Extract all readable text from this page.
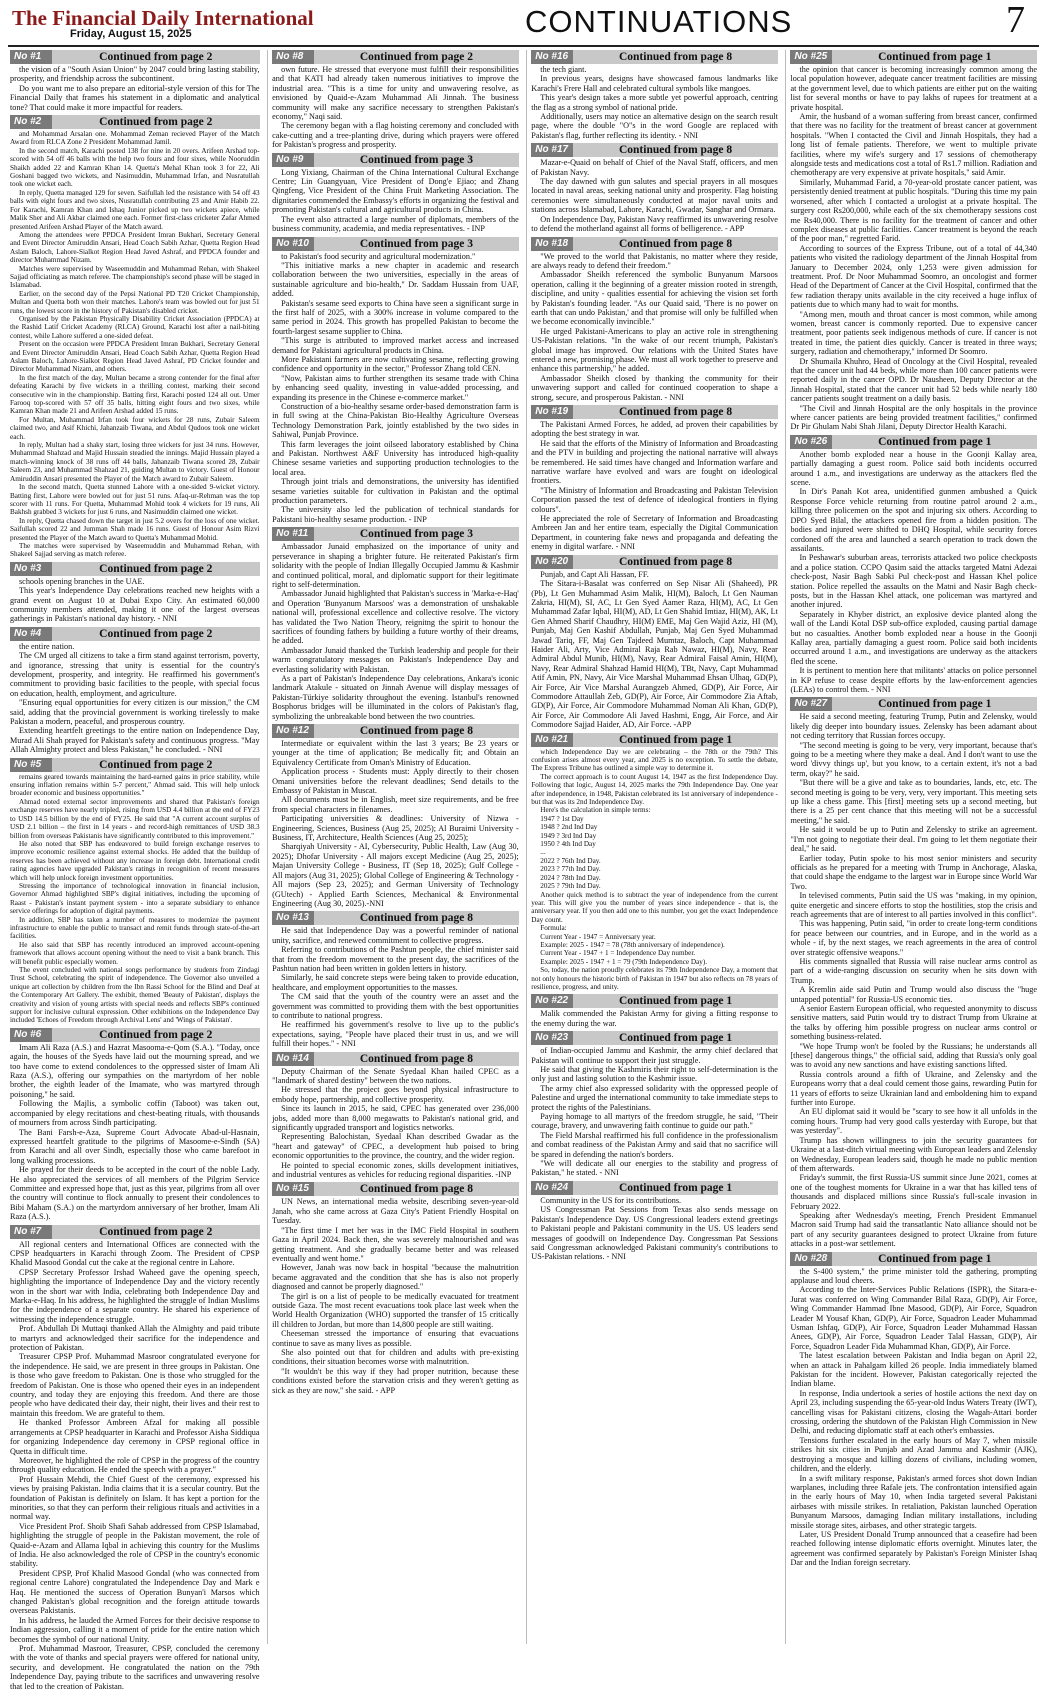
The Financial Daily International
Friday, August 15, 2025	CONTINUATIONS	7
No #1	Continued from page 2

the vision of a "South Asian Union" by 2047 could bring lasting stability, prosperity, and friendship across the subcontinent.

Do you want me to also prepare an editorial-style version of this for The Financial Daily that frames his statement in a diplomatic and analytical tone? That could make it more impactful for readers.

No #2	Continued from page 2

and Mohammad Arsalan one. Mohammad Zeman recieved Player of the Match Award from RLCA Zone 2 President Mohammad Jamil.

In the second match, Karachi posted 138 for nine in 20 overs. Arifeen Arshad top-scored with 54 off 46 balls with the help two fours and four sixes, while Nooruddin Shaikh added 22 and Kamran Khan 14. Quetta's Mehal Khan took 3 for 22, Ali Goshani bagged two wickets, and Nasimuddin, Muhammad Irfan, and Nusratullah took one wicket each.

In reply, Quetta managed 129 for seven. Saifullah led the resistance with 54 off 43 balls with eight fours and two sixes, Nusratullah contributing 23 and Amir Habib 22. For Karachi, Kamran Khan and Ishaq Junior picked up two wickets apiece, while Malik Sher and Ali Akbar claimed one each. Former first-class cricketer Zafar Ahmed presented Arifeen Arshad Player of the Match award.

Among the attendees were PPDCA President Imran Bukhari, Secretary General and Event Director Amiruddin Ansari, Head Coach Sabih Azhar, Quetta Region Head Aslam Baloch, Lahore-Sialkot Region Head Javed Ashraf, and PPDCA founder and director Muhammad Nizam.

Matches were supervised by Waseemuddin and Muhammad Rehan, with Shakeel Sajjad officiating as match referee. The championship's second phase will be staged in Islamabad.

Earlier, on the second day of the Pepsi National PD T20 Cricket Championship, Multan and Quetta both won their matches. Lahore's team was bowled out for just 51 runs, the lowest score in the history of Pakistan's disabled cricket.

Organised by the Pakistan Physically Disability Cricket Association (PPDCA) at the Rashid Latif Cricket Academy (RLCA) Ground, Karachi lost after a nail-biting contest, while Lahore suffered a one-sided defeat.

Present on the occasion were PPDCA President Imran Bukhari, Secretary General and Event Director Amiruddin Ansari, Head Coach Sabih Azhar, Quetta Region Head Aslam Baloch, Lahore-Sialkot Region Head Javed Ashraf, PD Cricket founder and Director Muhammad Nizam, and others.

In the first match of the day, Multan became a strong contender for the final after defeating Karachi by five wickets in a thrilling contest, marking their second consecutive win in the championship. Batting first, Karachi posted 124 all out. Umer Farooq top-scored with 57 off 35 balls, hitting eight fours and two sixes, while Kamran Khan made 21 and Arifeen Arshad added 15 runs.

For Multan, Muhammad Irfan took four wickets for 28 runs, Zubair Saleem claimed two, and Asif Khichi, Jahanzaib Tiwana, and Abdul Qudoos took one wicket each.

In reply, Multan had a shaky start, losing three wickets for just 34 runs. However, Muhammad Shahzad and Majid Hussain steadied the innings. Majid Hussain played a match-winning knock of 38 runs off 44 balls, Jahanzaib Tiwana scored 28, Zubair Saleem 23, and Muhammad Shahzad 21, guiding Multan to victory. Guest of Honour Amiruddin Ansari presented the Player of the Match award to Zubair Saleem.

In the second match, Quetta stunned Lahore with a one-sided 9-wicket victory. Batting first, Lahore were bowled out for just 51 runs. Afaq-ur-Rehman was the top scorer with 11 runs. For Quetta, Muhammad Mohid took 4 wickets for 19 runs, Ali Bakhsh grabbed 3 wickets for just 6 runs, and Nasimuddin claimed one wicket.

In reply, Quetta chased down the target in just 5.2 overs for the loss of one wicket. Saifullah scored 22 and Jumman Shah made 16 runs. Guest of Honour Asim Rizvi presented the Player of the Match award to Quetta's Muhammad Mohid.

The matches were supervised by Waseemuddin and Muhammad Rehan, with Shakeel Sajjad serving as match referee.

No #3	Continued from page 2

schools opening branches in the UAE.

This year's Independence Day celebrations reached new heights with a grand event on August 10 at Dubai Expo City. An estimated 60,000 community members attended, making it one of the largest overseas gatherings in Pakistan's national day history. - NNI

No #4	Continued from page 2

the entire nation.

The CM urged all citizens to take a firm stand against terrorism, poverty, and ignorance, stressing that unity is essential for the country's development, prosperity, and integrity. He reaffirmed his government's commitment to providing basic facilities to the people, with special focus on education, health, employment, and agriculture.

"Ensuring equal opportunities for every citizen is our mission," the CM said, adding that the provincial government is working tirelessly to make Pakistan a modern, peaceful, and prosperous country.

Extending heartfelt greetings to the entire nation on Independence Day, Murad Ali Shah prayed for Pakistan's safety and continuous progress. "May Allah Almighty protect and bless Pakistan," he concluded. - NNI

No #5	Continued from page 2

remains geared towards maintaining the hard-earned gains in price stability, while ensuring inflation remains within 5-7 percent," Ahmad said. This will help unlock broader economic and business opportunities."

Ahmad noted external sector improvements and shared that Pakistan's foreign exchange reserves have nearly tripled, rising from USD 4.4 billion at the end of FY23 to USD 14.5 billion by the end of FY25. He said that "A current account surplus of USD 2.1 billion – the first in 14 years - and record-high remittances of USD 38.3 billion from overseas Pakistanis have significantly contributed to this improvement."

He also noted that SBP has endeavored to build foreign exchange reserves to improve economic resilience against external shocks. He added that the buildup of reserves has been achieved without any increase in foreign debt. International credit rating agencies have upgraded Pakistan's ratings in recognition of recent measures which will help unlock foreign investment opportunities.

Stressing the importance of technological innovation in financial inclusion, Governor Ahmad highlighted SBP's digital initiatives, including the upcoming of Raast - Pakistan's instant payment system - into a separate subsidiary to enhance service offerings for adoption of digital payments.

In addition, SBP has taken a number of measures to modernize the payment infrastructure to enable the public to transact and remit funds through state-of-the-art facilities.

He also said that SBP has recently introduced an improved account-opening framework that allows account opening without the need to visit a bank branch. This will benefit public especially women.

The event concluded with national songs performance by students from Zindagi Trust School, celebrating the spirit of independence. The Governor also unveiled a unique art collection by children from the Ibn Rassi School for the Blind and Deaf at the Contemporary Art Gallery. The exhibit, themed 'Beauty of Pakistan', displays the creativity and vision of young artists with special needs and reflects SBP's continued support for inclusive cultural expression. Other exhibitions on the Independence Day included 'Echoes of Freedom through Archival Lens' and 'Wings of Pakistan'.

No #6	Continued from page 2

Imam Ali Raza (A.S.) and Hazrat Masooma-e-Qom (S.A.). "Today, once again, the houses of the Syeds have laid out the mourning spread, and we too have come to extend condolences to the oppressed sister of Imam Ali Raza (A.S.), offering our sympathies on the martyrdom of her noble brother, the eighth leader of the Imamate, who was martyred through poisoning," he said.

Following the Majlis, a symbolic coffin (Taboot) was taken out, accompanied by elegy recitations and chest-beating rituals, with thousands of mourners from across Sindh participating.

The Bani Farsh-e-Aza, Supreme Court Advocate Abad-ul-Hasnain, expressed heartfelt gratitude to the pilgrims of Masoome-e-Sindh (SA) from Karachi and all over Sindh, especially those who came barefoot in long walking processions.

He prayed for their deeds to be accepted in the court of the noble Lady. He also appreciated the services of all members of the Pilgrim Service Committee and expressed hope that, just as this year, pilgrims from all over the country will continue to flock annually to present their condolences to Bibi Maham (S.A.) on the martyrdom anniversary of her brother, Imam Ali Raza (A.S.).

No #7	Continued from page 2

All regional centers and International Offices are connected with the CPSP headquarters in Karachi through Zoom. The President of CPSP Khalid Masood Gondal cut the cake at the regional centre in Lahore.

CPSP Secretary Professor Irshad Waheed gave the opening speech, highlighting the importance of Independence Day and the victory recently won in the short war with India, celebrating both Independence Day and Marka-e-Haq. In his address, he highlighted the struggle of Indian Muslims for the independence of a separate country. He shared his experience of witnessing the independence struggle.

Prof. Abdullah Di Muttaqi thanked Allah the Almighty and paid tribute to martyrs and acknowledged their sacrifice for the independence and protection of Pakistan.

Treasurer CPSP Prof. Muhammad Masroor congratulated everyone for the independence. He said, we are present in three groups in Pakistan. One is those who gave freedom to Pakistan. One is those who struggled for the freedom of Pakistan. One is those who opened their eyes in an independent country, and today they are enjoying this freedom. And there are those people who have dedicated their day, their night, their lives and their rest to maintain this freedom. We are grateful to them.

He thanked Professor Ambreen Afzal for making all possible arrangements at CPSP headquarter in Karachi and Professor Aisha Siddiqua for organizing Independence day ceremony in CPSP regional office in Quetta in difficult time.

Moreover, he highlighted the role of CPSP in the progress of the country through quality education. He ended the speech with a prayer."

Prof Hussain Mehdi, the Chief Guest of the ceremony, expressed his views by praising Pakistan. India claims that it is a secular country. But the foundation of Pakistan is definitely on Islam. It has kept a portion for the minorities, so that they can perform their religious rituals and activities in a normal way.

Vice President Prof. Shoib Shafi Sahab addressed from CPSP Islamabad, highlighting the struggle of people in the Pakistan movement, the role of Quaid-e-Azam and Allama Iqbal in achieving this country for the Muslims of India. He also acknowledged the role of CPSP in the country's economic stability.

President CPSP, Prof Khalid Masood Gondal (who was connected from regional centre Lahore) congratulated the Independence Day and Mark e Haq. He mentioned the success of Operation Bunyan'i Marsos which changed Pakistan's global recognition and the foreign attitude towards overseas Pakistanis.

In his address, he lauded the Armed Forces for their decisive response to Indian aggression, calling it a moment of pride for the entire nation which becomes the symbol of our national Unity.

Prof. Muhammad Masroor, Treasurer, CPSP, concluded the ceremony with the vote of thanks and special prayers were offered for national unity, security, and development. He congratulated the nation on the 79th Independence Day, paying tribute to the sacrifices and unwavering resolve that led to the creation of Pakistan.

No #8	Continued from page 2

own future. He stressed that everyone must fulfill their responsibilities and that KATI had already taken numerous initiatives to improve the industrial area. "This is a time for unity and unwavering resolve, as envisioned by Quaid-e-Azam Muhammad Ali Jinnah. The business community will make any sacrifice necessary to strengthen Pakistan's economy," Naqi said.

The ceremony began with a flag hoisting ceremony and concluded with cake-cutting and a tree-planting drive, during which prayers were offered for Pakistan's progress and prosperity.

No #9	Continued from page 3

Long Yixiang, Chairman of the China International Cultural Exchange Centre; Lin Guangyuan, Vice President of Dong'e Ejiao; and Zhang Qingfeng, Vice President of the China Fruit Marketing Association. The dignitaries commended the Embassy's efforts in organizing the festival and promoting Pakistan's cultural and agricultural products in China.

The event also attracted a large number of diplomats, members of the business community, academia, and media representatives. - INP

No #10	Continued from page 3

to Pakistan's food security and agricultural modernization."

"This initiative marks a new chapter in academic and research collaboration between the two universities, especially in the areas of sustainable agriculture and bio-health," Dr. Saddam Hussain from UAF, added.

Pakistan's sesame seed exports to China have seen a significant surge in the first half of 2025, with a 300% increase in volume compared to the same period in 2024. This growth has propelled Pakistan to become the fourth-largest sesame supplier to China.

"This surge is attributed to improved market access and increased demand for Pakistani agricultural products in China.

More Pakistani farmers are now cultivating sesame, reflecting growing confidence and opportunity in the sector," Professor Zhang told CEN.

"Now, Pakistan aims to further strengthen its sesame trade with China by enhancing seed quality, investing in value-added processing, and expanding its presence in the Chinese e-commerce market."

Construction of a bio-healthy sesame order-based demonstration farm is in full swing at the China-Pakistan Bio-Healthy Agriculture Overseas Technology Demonstration Park, jointly established by the two sides in Sahiwal, Punjab Province.

This farm leverages the joint oilseed laboratory established by China and Pakistan. Northwest A&F University has introduced high-quality Chinese sesame varieties and supporting production technologies to the local area.

Through joint trials and demonstrations, the university has identified sesame varieties suitable for cultivation in Pakistan and the optimal production parameters.

The university also led the publication of technical standards for Pakistani bio-healthy sesame production. - INP

No #11	Continued from page 3

Ambassador Junaid emphasized on the importance of unity and perseverance in shaping a brighter future. He reiterated Pakistan's firm solidarity with the people of Indian Illegally Occupied Jammu & Kashmir and continued political, moral, and diplomatic support for their legitimate right to self-determination.

Ambassador Junaid highlighted that Pakistan's success in 'Marka-e-Haq' and Operation 'Bunyanum Marsoos' was a demonstration of unshakable national will, professional excellence and collective resolve. The victory has validated the Two Nation Theory, reignitng the spirit to honour the sacrifices of founding fathers by building a future worthy of their dreams, he added.

Ambassador Junaid thanked the Turkish leadership and people for their warm congratulatory messages on Pakistan's Independence Day and everlasting solidarity with Pakistan.

As a part of Pakistan's Independence Day celebrations, Ankara's iconic landmark Atakule - situated on Jinnah Avenue will display messages of Pakistan-Türkiye solidarity throughout the evening. Istanbul's renowned Bosphorus bridges will be illuminated in the colors of Pakistan's flag, symbolizing the unbreakable bond between the two countries.

No #12	Continued from page 8

Intermediate or equivalent within the last 3 years; Be 23 years or younger at the time of application; Be medically fit; and Obtain an Equivalency Certificate from Oman's Ministry of Education.

Application process - Students must: Apply directly to their chosen Omani universities before the relevant deadlines; Send details to the Embassy of Pakistan in Muscat.

All documents must be in English, meet size requirements, and be free from special characters in filenames.

Participating universities & deadlines: University of Nizwa - Engineering, Sciences, Business (Aug 25, 2025); Al Buraimi University - Business, IT, Architecture, Health Sciences (Aug 25, 2025);

Sharqiyah University - AI, Cybersecurity, Public Health, Law (Aug 30, 2025); Dhofar University - All majors except Medicine (Aug 25, 2025); Majan University College - Business, IT (Sep 18, 2025); Gulf College - All majors (Aug 31, 2025); Global College of Engineering & Technology - All majors (Sep 23, 2025); and German University of Technology (GUtech) - Applied Earth Sciences, Mechanical & Environmental Engineering (Aug 30, 2025).-NNI

No #13	Continued from page 8

He said that Independence Day was a powerful reminder of national unity, sacrifice, and renewed commitment to collective progress.

Referring to contributions of the Pashtun people, the chief minister said that from the freedom movement to the present day, the sacrifices of the Pashtun nation had been written in golden letters in history.

Similarly, he said concrete steps were being taken to provide education, healthcare, and employment opportunities to the masses.

The CM said that the youth of the country were an asset and the government was committed to providing them with the best opportunities to contribute to national progress.

He reaffirmed his government's resolve to live up to the public's expectations, saying, "People have placed their trust in us, and we will fulfill their hopes." - NNI

No #14	Continued from page 8

Deputy Chairman of the Senate Syedaal Khan hailed CPEC as a "landmark of shared destiny" between the two nations.

He stressed that the project goes beyond physical infrastructure to embody hope, partnership, and collective prosperity.

Since its launch in 2015, he said, CPEC has generated over 236,000 jobs, added more than 8,000 megawatts to Pakistan's national grid, and significantly upgraded transport and logistics networks.

Representing Balochistan, Syedaal Khan described Gwadar as the "heart and gateway" of CPEC, a development hub poised to bring economic opportunities to the province, the country, and the wider region.

He pointed to special economic zones, skills development initiatives, and industrial ventures as vehicles for reducing regional disparities. -INP

No #15	Continued from page 8

UN News, an international media website, describing seven-year-old Janah, who she came across at Gaza City's Patient Friendly Hospital on Tuesday.

"The first time I met her was in the IMC Field Hospital in southern Gaza in April 2024. Back then, she was severely malnourished and was getting treatment. And she gradually became better and was released eventually and went home."

However, Janah was now back in hospital "because the malnutrition became aggravated and the condition that she has is also not properly diagnosed and cannot be properly diagnosed."

The girl is on a list of people to be medically evacuated for treatment outside Gaza. The most recent evacuations took place last week when the World Health Organization (WHO) supported the transfer of 15 critically ill children to Jordan, but more than 14,800 people are still waiting.

Cheeseman stressed the importance of ensuring that evacuations continue to save as many lives as possible.

She also pointed out that for children and adults with pre-existing conditions, their situation becomes worse with malnutrition.

"It wouldn't be this way if they had proper nutrition, because these conditions existed before the starvation crisis and they weren't getting as sick as they are now," she said. - APP

No #16	Continued from page 8

the tech giant.

In previous years, designs have showcased famous landmarks like Karachi's Frere Hall and celebrated cultural symbols like mangoes.

This year's design takes a more subtle yet powerful approach, centring the flag as a strong symbol of national pride.

Additionally, users may notice an alternative design on the search result page, where the double "O"s in the word Google are replaced with Pakistan's flag, further reflecting its identity. - NNI

No #17	Continued from page 8

Mazar-e-Quaid on behalf of Chief of the Naval Staff, officers, and men of Pakistan Navy.

The day dawned with gun salutes and special prayers in all mosques located in naval areas, seeking national unity and prosperity. Flag hoisting ceremonies were simultaneously conducted at major naval units and stations across Islamabad, Lahore, Karachi, Gwadar, Sanghar and Ormara.

On Independence Day, Pakistan Navy reaffirmed its unwavering resolve to defend the motherland against all forms of belligerence. - APP

No #18	Continued from page 8

"We proved to the world that Pakistanis, no matter where they reside, are always ready to defend their freedom."

Ambassador Sheikh referenced the symbolic Bunyanum Marsoos operation, calling it the beginning of a greater mission rooted in strength, discipline, and unity - qualities essential for achieving the vision set forth by Pakistan's founding leader. "As our Quaid said, 'There is no power on earth that can undo Pakistan,' and that promise will only be fulfilled when we become economically invincible."

He urged Pakistani-Americans to play an active role in strengthening US-Pakistan relations. "In the wake of our recent triumph, Pakistan's global image has improved. Our relations with the United States have entered a new, promising phase. We must all work together to preserve and enhance this partnership," he added.

Ambassador Sheikh closed by thanking the community for their unwavering support and called for continued cooperation to shape a strong, secure, and prosperous Pakistan. - NNI

No #19	Continued from page 8

The Pakistani Armed Forces, he added, ad proven their capabilities by adopting the best strategy in war.

He said that the efforts of the Ministry of Information and Broadcasting and the PTV in building and projecting the national narrative will always be remembered. He said times have changed and Information warfare and narrative warfare have evolved and wars are fought on ideological frontiers.

"The Ministry of Information and Broadcasting and Pakistan Television Corporation passed the test of defence of ideological frontiers in flying colours".

He appreciated the role of Secretary of Information and Broadcasting Ambreen Jan and her entire team, especially the Digital Communication Department, in countering fake news and propaganda and defeating the enemy in digital warfare. - NNI

No #20	Continued from page 8

Punjab, and Capt Ali Hassan, FF.

The Sitara-i-Basalat was conferred on Sep Nisar Ali (Shaheed), PR (Pb), Lt Gen Muhammad Asim Malik, HI(M), Baloch, Lt Gen Nauman Zakria, HI(M), SI, AC, Lt Gen Syed Aamer Raza, HI(M), AC, Lt Gen Muhammad Zafar Iqbal, HI(M), AD, Lt Gen Shahid Imtiaz, HI(M), AK, Lt Gen Ahmed Sharif Chaudhry, HI(M) EME, Maj Gen Wajid Aziz, HI (M), Punjab, Maj Gen Kashif Abdullah, Punjab, Maj Gen Syed Muhammad Jawad Tariq, FF, Maj Gen Tajdeed Mumtaz, Baloch, Capt Muhammad Haider Ali, Arty, Vice Admiral Raja Rab Nawaz, HI(M), Navy, Rear Admiral Abdul Munib, HI(M), Navy, Rear Admiral Faisal Amin, HI(M), Navy, Rear Admiral Shahzad Hamid HI(M), TBt, Navy, Capt Muhammad Atif Amin, PN, Navy, Air Vice Marshal Muhammad Ehsan Ulhaq, GD(P), Air Force, Air Vice Marshal Aurangzeb Ahmed, GD(P), Air Force, Air Commodore Attaullah Zeb, GD(P), Air Force, Air Commodore Zia Aftab, GD(P), Air Force, Air Commodore Muhammad Noman Ali Khan, GD(P), Air Force, Air Commodore Ali Javed Hashmi, Engg, Air Force, and Air Commodore Sajjad Haider, AD, Air Force. -APP

No #21	Continued from page 1

which Independence Day we are celebrating – the 78th or the 79th? This confusion arises almost every year, and 2025 is no exception. To settle the debate, The Express Tribune has outlined a simple way to determine it.

The correct approach is to count August 14, 1947 as the first Independence Day. Following that logic, August 14, 2025 marks the 79th Independence Day. One year after independence, in 1948, Pakistan celebrated its 1st anniversary of independence - but that was its 2nd Independence Day.

Here's the calculation in simple terms:

1947 ? 1st Day

1948 ? 2nd Ind Day

1949 ? 3rd Ind Day

1950 ? 4th Ind Day

...

2022 ? 76th Ind Day.

2023 ? 77th Ind Day.

2024 ? 78th Ind Day.

2025 ? 79th Ind Day.

Another quick method is to subtract the year of independence from the current year. This will give you the number of years since independence - that is, the anniversary year. If you then add one to this number, you get the exact Independence Day count.

Formula:

Current Year - 1947 = Anniversary year.

Example: 2025 - 1947 = 78 (78th anniversary of independence).

Current Year - 1947 + 1 = Independence Day number.

Example: 2025 - 1947 + 1 = 79 (79th Independence Day).

So, today, the nation proudly celebrates its 79th Independence Day, a moment that not only honours the historic birth of Pakistan in 1947 but also reflects on 78 years of resilience, progress, and unity.

No #22	Continued from page 1

Malik commended the Pakistan Army for giving a fitting response to the enemy during the war.

No #23	Continued from page 1

of Indian-occupied Jammu and Kashmir, the army chief declared that Pakistan will continue to support their just struggle.

He said that giving the Kashmiris their right to self-determination is the only just and lasting solution to the Kashmir issue.

The army chief also expressed solidarity with the oppressed people of Palestine and urged the international community to take immediate steps to protect the rights of the Palestinians.

Paying homage to all martyrs of the freedom struggle, he said, "Their courage, bravery, and unwavering faith continue to guide our path."

The Field Marshal reaffirmed his full confidence in the professionalism and combat readiness of the Pakistan Army and said that no sacrifice will be spared in defending the nation's borders.

"We will dedicate all our energies to the stability and progress of Pakistan," he stated. - NNI

No #24	Continued from page 1

Community in the US for its contributions.

US Congressman Pat Sessions from Texas also sends message on Pakistan's Independence Day. US Congressional leaders extend greetings to Pakistani people and Pakistani community in the US. US leaders send messages of goodwill on Independence Day. Congressman Pat Sessions said Congressman acknowledged Pakistani community's contributions to US-Pakistan relations. - NNI

No #25	Continued from page 1

the opinion that cancer is becoming increasingly common among the local population however, adequate cancer treatment facilities are missing at the government level, due to which patients are either put on the waiting list for several months or have to pay lakhs of rupees for treatment at a private hospital.

Amir, the husband of a woman suffering from breast cancer, confirmed that there was no facility for the treatment of breast cancer at government hospitals. "When I contacted the Civil and Jinnah Hospitals, they had a long list of female patients. Therefore, we went to multiple private facilities, where my wife's surgery and 17 sessions of chemotherapy alongside tests and medications cost a total of Rs1.7 million. Radiation and chemotherapy are very expensive at private hospitals," said Amir.

Similarly, Muhammad Farid, a 70-year-old prostate cancer patient, was persistently denied treatment at public hospitals. "During this time my pain worsened, after which I contacted a urologist at a private hospital. The surgery cost Rs200,000, while each of the six chemotherapy sessions cost me Rs40,000. There is no facility for the treatment of cancer and other complex diseases at public facilities. Cancer treatment is beyond the reach of the poor man," regretted Farid.

According to sources of the Express Tribune, out of a total of 44,340 patients who visited the radiology department of the Jinnah Hospital from January to December 2024, only 1,253 were given admission for treatment. Prof. Dr Noor Muhammad Soomro, an oncologist and former Head of the Department of Cancer at the Civil Hospital, confirmed that the few radiation therapy units available in the city received a huge influx of patients due to which many had to wait for months.

"Among men, mouth and throat cancer is most common, while among women, breast cancer is commonly reported. Due to expensive cancer treatment, poor patients seek indigenous methods of cure. If cancer is not treated in time, the patient dies quickly. Cancer is treated in three ways; surgery, radiation and chemotherapy," informed Dr Soomro.

Dr Shumaila Khuhro, Head of Oncology at the Civil Hospital, revealed that the cancer unit had 44 beds, while more than 100 cancer patients were reported daily in the cancer OPD. Dr Nausheen, Deputy Director at the Jinnah Hospital, stated that the cancer unit had 52 beds while nearly 180 cancer patients sought treatment on a daily basis.

"The Civil and Jinnah Hospital are the only hospitals in the province where cancer patients are being provided treatment facilities," confirmed Dr Pir Ghulam Nabi Shah Jilani, Deputy Director Health Karachi.

No #26	Continued from page 1

Another bomb exploded near a house in the Goonji Kallay area, partially damaging a guest room. Police said both incidents occurred around 1 a.m., and investigations are underway as the attackers fled the scene.

In Dir's Panah Kot area, unidentified gunmen ambushed a Quick Response Force vehicle returning from routine patrol around 2 a.m., killing three policemen on the spot and injuring six others. According to DPO Syed Bilal, the attackers opened fire from a hidden position. The bodies and injured were shifted to DHQ Hospital, while security forces cordoned off the area and launched a search operation to track down the assailants.

In Peshawar's suburban areas, terrorists attacked two police checkposts and a police station. CCPO Qasim said the attacks targeted Matni Adezai check-post, Nasir Bagh Sabki Pul check-post and Hassan Khel police station. Police repelled the assaults on the Matni and Nasir Bagh check-posts, but in the Hassan Khel attack, one policeman was martyred and another injured.

Separately in Khyber district, an explosive device planted along the wall of the Landi Kotal DSP sub-office exploded, causing partial damage but no casualties. Another bomb exploded near a house in the Goonji Kallay area, partially damaging a guest room. Police said both incidents occurred around 1 a.m., and investigations are underway as the attackers fled the scene.

It is pertinent to mention here that militants' attacks on police personnel in KP refuse to cease despite efforts by the law-enforcement agencies (LEAs) to control them. - NNI

No #27	Continued from page 1

He said a second meeting, featuring Trump, Putin and Zelensky, would likely dig deeper into boundary issues. Zelensky has been adamant about not ceding territory that Russian forces occupy.

"The second meeting is going to be very, very important, because that's going to be a meeting where they make a deal. And I don't want to use the word 'divvy things up', but you know, to a certain extent, it's not a bad term, okay?" he said.

"But there will be a give and take as to boundaries, lands, etc, etc. The second meeting is going to be very, very, very important. This meeting sets up like a chess game. This [first] meeting sets up a second meeting, but there is a 25 per cent chance that this meeting will not be a successful meeting," he said.

He said it would be up to Putin and Zelensky to strike an agreement. "I'm not going to negotiate their deal. I'm going to let them negotiate their deal," he said.

Earlier today, Putin spoke to his most senior ministers and security officials as he prepared for a meeting with Trump in Anchorage, Alaska, that could shape the endgame to the largest war in Europe since World War Two.

In televised comments, Putin said the US was "making, in my opinion, quite energetic and sincere efforts to stop the hostilities, stop the crisis and reach agreements that are of interest to all parties involved in this conflict".

This was happening, Putin said, "in order to create long-term conditions for peace between our countries, and in Europe, and in the world as a whole - if, by the next stages, we reach agreements in the area of control over strategic offensive weapons."

His comments signalled that Russia will raise nuclear arms control as part of a wide-ranging discussion on security when he sits down with Trump.

A Kremlin aide said Putin and Trump would also discuss the "huge untapped potential" for Russia-US economic ties.

A senior Eastern European official, who requested anonymity to discuss sensitive matters, said Putin would try to distract Trump from Ukraine at the talks by offering him possible progress on nuclear arms control or something business-related.

"We hope Trump won't be fooled by the Russians; he understands all [these] dangerous things," the official said, adding that Russia's only goal was to avoid any new sanctions and have existing sanctions lifted.

Russia controls around a fifth of Ukraine, and Zelensky and the Europeans worry that a deal could cement those gains, rewarding Putin for 11 years of efforts to seize Ukrainian land and emboldening him to expand further into Europe.

An EU diplomat said it would be "scary to see how it all unfolds in the coming hours. Trump had very good calls yesterday with Europe, but that was yesterday".

Trump has shown willingness to join the security guarantees for Ukraine at a last-ditch virtual meeting with European leaders and Zelensky on Wednesday, European leaders said, though he made no public mention of them afterwards.

Friday's summit, the first Russia-US summit since June 2021, comes at one of the toughest moments for Ukraine in a war that has killed tens of thousands and displaced millions since Russia's full-scale invasion in February 2022.

Speaking after Wednesday's meeting, French President Emmanuel Macron said Trump had said the transatlantic Nato alliance should not be part of any security guarantees designed to protect Ukraine from future attacks in a post-war settlement.

No #28	Continued from page 1

the S-400 system," the prime minister told the gathering, prompting applause and loud cheers.

According to the Inter-Services Public Relations (ISPR), the Sitara-e-Jurat was conferred on Wing Commander Bilal Raza, GD(P), Air Force, Wing Commander Hammad Ibne Masood, GD(P), Air Force, Squadron Leader M Yousaf Khan, GD(P), Air Force, Squadron Leader Muhammad Usman Ishfaq, GD(P), Air Force, Squadron Leader Muhammad Hassan Anees, GD(P), Air Force, Squadron Leader Talal Hassan, GD(P), Air Force, Squadron Leader Fida Muhammad Khan, GD(P), Air Force.

The latest escalation between Pakistan and India began on April 22, when an attack in Pahalgam killed 26 people. India immediately blamed Pakistan for the incident. However, Pakistan categorically rejected the Indian blame.

In response, India undertook a series of hostile actions the next day on April 23, including suspending the 65-year-old Indus Waters Treaty (IWT), cancelling visas for Pakistani citizens, closing the Wagah-Attari border crossing, ordering the shutdown of the Pakistan High Commission in New Delhi, and reducing diplomatic staff at each other's embassies.

Tensions further escalated in the early hours of May 7, when missile strikes hit six cities in Punjab and Azad Jammu and Kashmir (AJK), destroying a mosque and killing dozens of civilians, including women, children, and the elderly.

In a swift military response, Pakistan's armed forces shot down Indian warplanes, including three Rafale jets. The confrontation intensified again in the early hours of May 10, when India targeted several Pakistani airbases with missile strikes. In retaliation, Pakistan launched Operation Bunyanum Marsoos, damaging Indian military installations, including missile storage sites, airbases, and other strategic targets.

Later, US President Donald Trump announced that a ceasefire had been reached following intense diplomatic efforts overnight. Minutes later, the agreement was confirmed separately by Pakistan's Foreign Minister Ishaq Dar and the Indian foreign secretary.
